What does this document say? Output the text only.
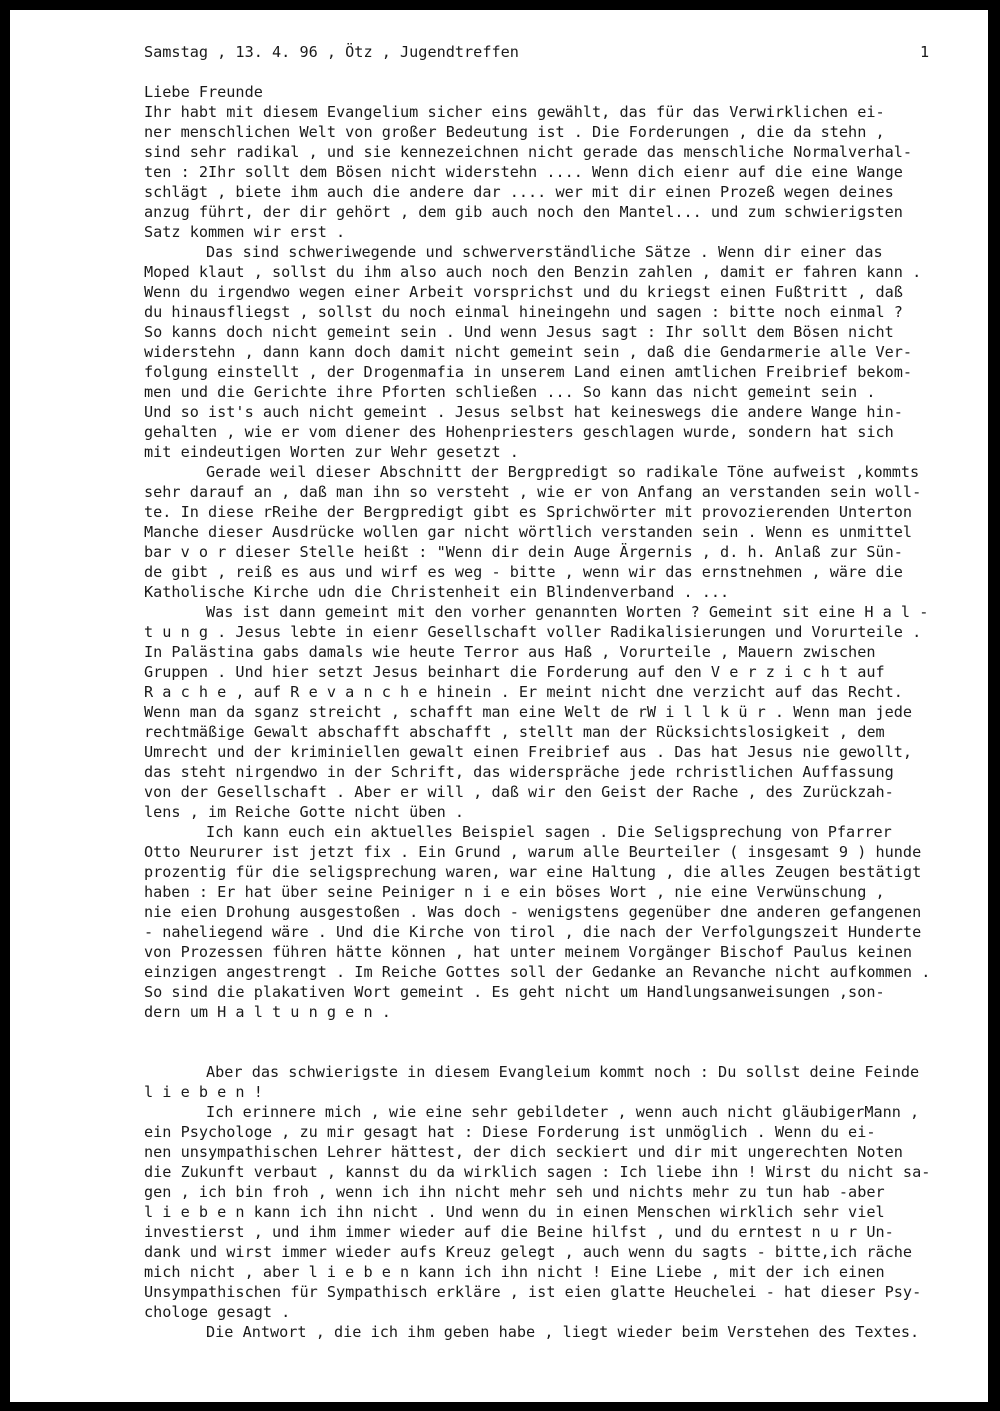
Samstag , 13. 4. 96 , Ötz , Jugendtreffen	1
Liebe Freunde
Ihr habt mit diesem Evangelium sicher eins gewählt, das für das Verwirklichen ei-
ner menschlichen Welt von großer Bedeutung ist . Die Forderungen , die da stehn ,
sind sehr radikal , und sie kennezeichnen nicht gerade das menschliche Normalverhal-
ten : 2Ihr sollt dem Bösen nicht widerstehn .... Wenn dich eienr auf die eine Wange
schlägt , biete ihm auch die andere dar .... wer mit dir einen Prozeß wegen deines
anzug führt, der dir gehört , dem gib auch noch den Mantel... und zum schwierigsten
Satz kommen wir erst .
Das sind schweriwegende und schwerverständliche Sätze . Wenn dir einer das
Moped klaut , sollst du ihm also auch noch den Benzin zahlen , damit er fahren kann .
Wenn du irgendwo wegen einer Arbeit vorsprichst und du kriegst einen Fußtritt , daß
du hinausfliegst , sollst du noch einmal hineingehn und sagen : bitte noch einmal ?
So kanns doch nicht gemeint sein . Und wenn Jesus sagt : Ihr sollt dem Bösen nicht
widerstehn , dann kann doch damit nicht gemeint sein , daß die Gendarmerie alle Ver-
folgung einstellt , der Drogenmafia in unserem Land einen amtlichen Freibrief bekom-
men und die Gerichte ihre Pforten schließen ... So kann das nicht gemeint sein .
Und so ist's auch nicht gemeint . Jesus selbst hat keineswegs die andere Wange hin-
gehalten , wie er vom diener des Hohenpriesters geschlagen wurde, sondern hat sich
mit eindeutigen Worten zur Wehr gesetzt .
Gerade weil dieser Abschnitt der Bergpredigt so radikale Töne aufweist ,kommts
sehr darauf an , daß man ihn so versteht , wie er von Anfang an verstanden sein woll-
te. In diese rReihe der Bergpredigt gibt es Sprichwörter mit provozierenden Unterton
Manche dieser Ausdrücke wollen gar nicht wörtlich verstanden sein . Wenn es unmittel
bar v o r dieser Stelle heißt : "Wenn dir dein Auge Ärgernis , d. h. Anlaß zur Sün-
de gibt , reiß es aus und wirf es weg - bitte , wenn wir das ernstnehmen , wäre die
Katholische Kirche udn die Christenheit ein Blindenverband . ...
Was ist dann gemeint mit den vorher genannten Worten ? Gemeint sit eine H a l -
t u n g . Jesus lebte in eienr Gesellschaft voller Radikalisierungen und Vorurteile .
In Palästina gabs damals wie heute Terror aus Haß , Vorurteile , Mauern zwischen
Gruppen . Und hier setzt Jesus beinhart die Forderung auf den V e r z i c h t auf
R a c h e , auf R e v a n c h e hinein . Er meint nicht dne verzicht auf das Recht.
Wenn man da sganz streicht , schafft man eine Welt de rW i l l k ü r . Wenn man jede
rechtmäßige Gewalt abschafft abschafft , stellt man der Rücksichtslosigkeit , dem
Umrecht und der kriminiellen gewalt einen Freibrief aus . Das hat Jesus nie gewollt,
das steht nirgendwo in der Schrift, das widerspräche jede rchristlichen Auffassung
von der Gesellschaft . Aber er will , daß wir den Geist der Rache , des Zurückzah-
lens , im Reiche Gotte nicht üben .
Ich kann euch ein aktuelles Beispiel sagen . Die Seligsprechung von Pfarrer
Otto Neururer ist jetzt fix . Ein Grund , warum alle Beurteiler ( insgesamt 9 ) hunde
prozentig für die seligsprechung waren, war eine Haltung , die alles Zeugen bestätigt
haben : Er hat über seine Peiniger n i e ein böses Wort , nie eine Verwünschung ,
nie eien Drohung ausgestoßen . Was doch - wenigstens gegenüber dne anderen gefangenen
- naheliegend wäre . Und die Kirche von tirol , die nach der Verfolgungszeit Hunderte
von Prozessen führen hätte können , hat unter meinem Vorgänger Bischof Paulus keinen
einzigen angestrengt . Im Reiche Gottes soll der Gedanke an Revanche nicht aufkommen .
So sind die plakativen Wort gemeint . Es geht nicht um Handlungsanweisungen ,son-
dern um H a l t u n g e n .
Aber das schwierigste in diesem Evangleium kommt noch : Du sollst deine Feinde
l i e b e n !
Ich erinnere mich , wie eine sehr gebildeter , wenn auch nicht gläubigerMann ,
ein Psychologe , zu mir gesagt hat : Diese Forderung ist unmöglich . Wenn du ei-
nen unsympathischen Lehrer hättest, der dich seckiert und dir mit ungerechten Noten
die Zukunft verbaut , kannst du da wirklich sagen : Ich liebe ihn ! Wirst du nicht sa-
gen , ich bin froh , wenn ich ihn nicht mehr seh und nichts mehr zu tun hab -aber
l i e b e n kann ich ihn nicht . Und wenn du in einen Menschen wirklich sehr viel
investierst , und ihm immer wieder auf die Beine hilfst , und du erntest n u r Un-
dank und wirst immer wieder aufs Kreuz gelegt , auch wenn du sagts - bitte,ich räche
mich nicht , aber l i e b e n kann ich ihn nicht ! Eine Liebe , mit der ich einen
Unsympathischen für Sympathisch erkläre , ist eien glatte Heuchelei - hat dieser Psy-
chologe gesagt .
Die Antwort , die ich ihm geben habe , liegt wieder beim Verstehen des Textes.
